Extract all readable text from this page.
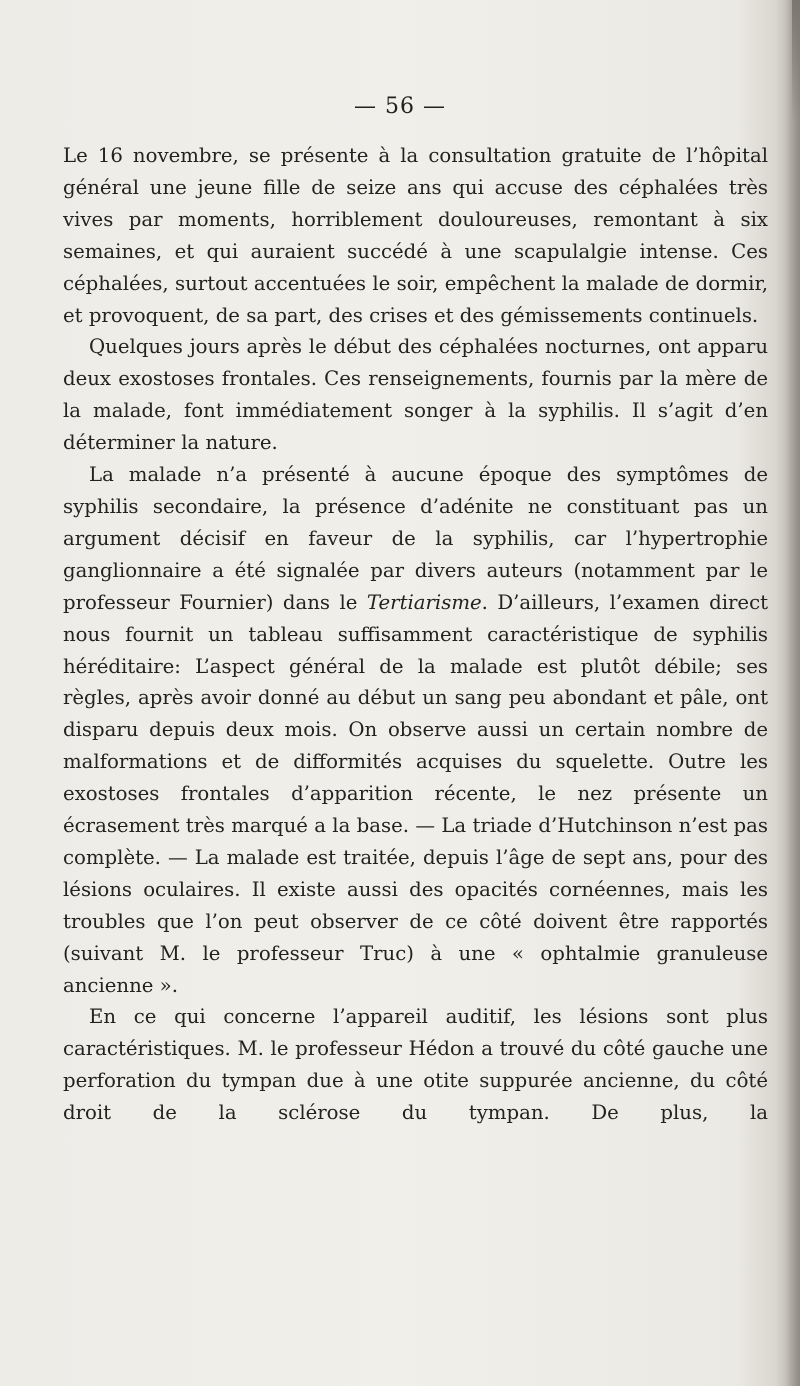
— 56 —

Le 16 novembre, se présente à la consultation gratuite de l’hôpital général une jeune fille de seize ans qui accuse des céphalées très vives par moments, horriblement douloureuses, remontant à six semaines, et qui auraient succédé à une scapulalgie intense. Ces céphalées, surtout accentuées le soir, empêchent la malade de dormir, et provoquent, de sa part, des crises et des gémissements continuels.

Quelques jours après le début des céphalées nocturnes, ont apparu deux exostoses frontales. Ces renseignements, fournis par la mère de la malade, font immédiatement songer à la syphilis. Il s’agit d’en déterminer la nature.

La malade n’a présenté à aucune époque des symptômes de syphilis secondaire, la présence d’adénite ne constituant pas un argument décisif en faveur de la syphilis, car l’hypertrophie ganglionnaire a été signalée par divers auteurs (notamment par le professeur Fournier) dans le Tertiarisme. D’ailleurs, l’examen direct nous fournit un tableau suffisamment caractéristique de syphilis héréditaire: L’aspect général de la malade est plutôt débile; ses règles, après avoir donné au début un sang peu abondant et pâle, ont disparu depuis deux mois. On observe aussi un certain nombre de malformations et de difformités acquises du squelette. Outre les exostoses frontales d’apparition récente, le nez présente un écrasement très marqué a la base. — La triade d’Hutchinson n’est pas complète. — La malade est traitée, depuis l’âge de sept ans, pour des lésions oculaires. Il existe aussi des opacités cornéennes, mais les troubles que l’on peut observer de ce côté doivent être rapportés (suivant M. le professeur Truc) à une « ophtalmie granuleuse ancienne ».

En ce qui concerne l’appareil auditif, les lésions sont plus caractéristiques. M. le professeur Hédon a trouvé du côté gauche une perforation du tympan due à une otite suppurée ancienne, du côté droit de la sclérose du tympan. De plus, la
